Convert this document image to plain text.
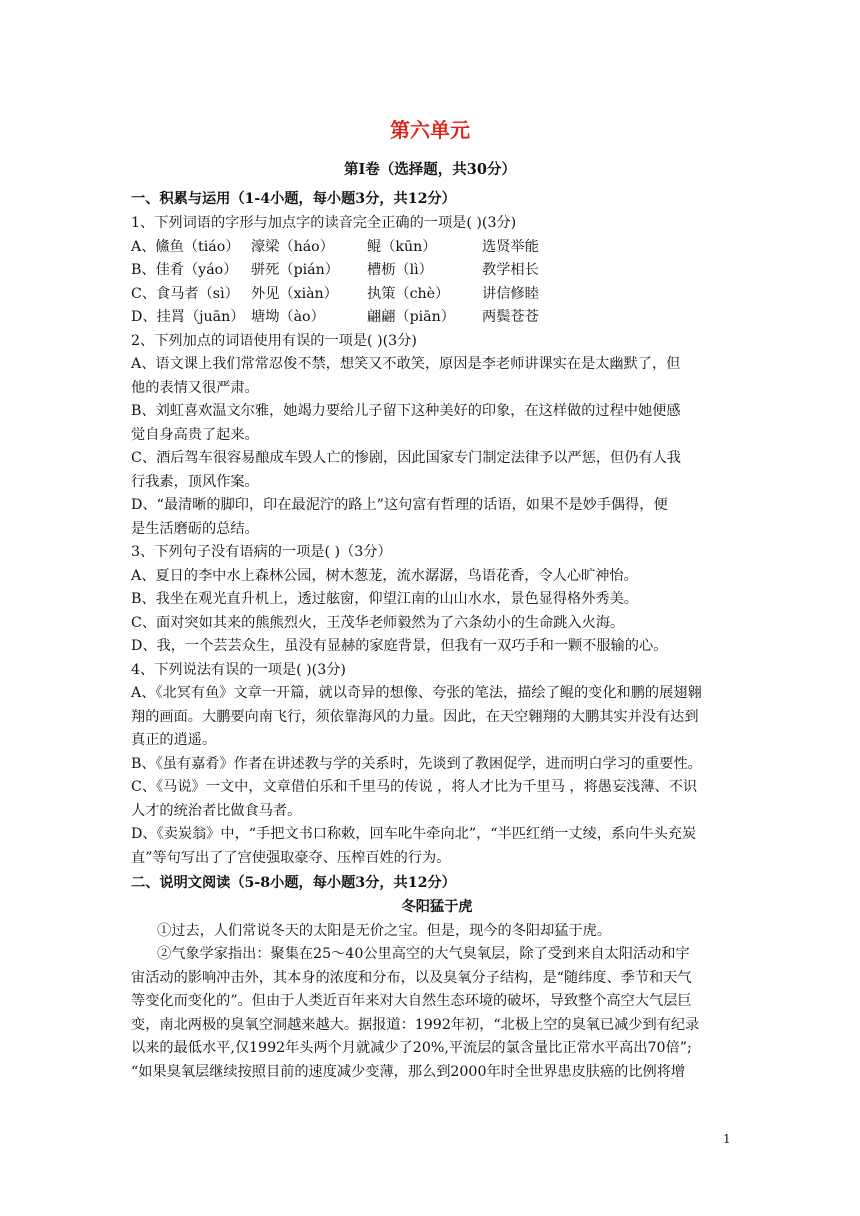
第六单元
第Ⅰ卷（选择题，共30分）
一、积累与运用（1-4小题，每小题3分，共12分）
1、下列词语的字形与加点字的读音完全正确的一项是( )(3分)
A、鯈鱼（tiáo） 濠梁（háo） 鲲（kūn）	选贤举能
B、佳肴（yáo） 骈死（pián） 槽枥（lì）	教学相长
C、食马者（sì） 外见（xiàn） 执策（chè） 讲信修睦
D、挂罥（juān） 塘坳（ào）	翩翩（piān） 两鬓苍苍
2、下列加点的词语使用有误的一项是( )(3分)
A、语文课上我们常常忍俊不禁，想笑又不敢笑，原因是李老师讲课实在是太幽默了，但
他的表情又很严肃。
B、刘虹喜欢温文尔雅，她竭力要给儿子留下这种美好的印象，在这样做的过程中她便感
觉自身高贵了起来。
C、酒后驾车很容易酿成车毁人亡的惨剧，因此国家专门制定法律予以严惩，但仍有人我
行我素，顶风作案。
D、“最清晰的脚印，印在最泥泞的路上”这句富有哲理的话语，如果不是妙手偶得，便
是生活磨砺的总结。
3、下列句子没有语病的一项是( )（3分）
A、夏日的李中水上森林公园，树木葱茏，流水潺潺，鸟语花香，令人心旷神怡。
B、我坐在观光直升机上，透过舷窗，仰望江南的山山水水，景色显得格外秀美。
C、面对突如其来的熊熊烈火，王茂华老师毅然为了六条幼小的生命跳入火海。
D、我，一个芸芸众生，虽没有显赫的家庭背景，但我有一双巧手和一颗不服输的心。
4、下列说法有误的一项是( )(3分)
A、《北冥有鱼》文章一开篇，就以奇异的想像、夸张的笔法，描绘了鲲的变化和鹏的展翅翱
翔的画面。大鹏要向南飞行，须依靠海风的力量。因此，在天空翱翔的大鹏其实并没有达到
真正的逍遥。
B、《虽有嘉肴》作者在讲述教与学的关系时，先谈到了教困促学，进而明白学习的重要性。
C、《马说》一文中，文章借伯乐和千里马的传说 ，将人才比为千里马 ，将愚妄浅薄、不识
人才的统治者比做食马者。
D、《卖炭翁》中，“手把文书口称敕，回车叱牛牵向北”，“半匹红绡一丈绫，系向牛头充炭
直”等句写出了了宫使强取豪夺、压榨百姓的行为。
二、说明文阅读（5-8小题，每小题3分，共12分）
冬阳猛于虎
①过去，人们常说冬天的太阳是无价之宝。但是，现今的冬阳却猛于虎。
②气象学家指出：聚集在25～40公里高空的大气臭氧层，除了受到来自太阳活动和宇
宙活动的影响冲击外，其本身的浓度和分布，以及臭氧分子结构，是“随纬度、季节和天气
等变化而变化的”。但由于人类近百年来对大自然生态环境的破坏，导致整个高空大气层巨
变，南北两极的臭氧空洞越来越大。据报道：1992年初，“北极上空的臭氧已减少到有纪录
以来的最低水平,仅1992年头两个月就减少了20%,平流层的氯含量比正常水平高出70倍”;
“如果臭氧层继续按照目前的速度减少变薄，那么到2000年时全世界患皮肤癌的比例将增
1
